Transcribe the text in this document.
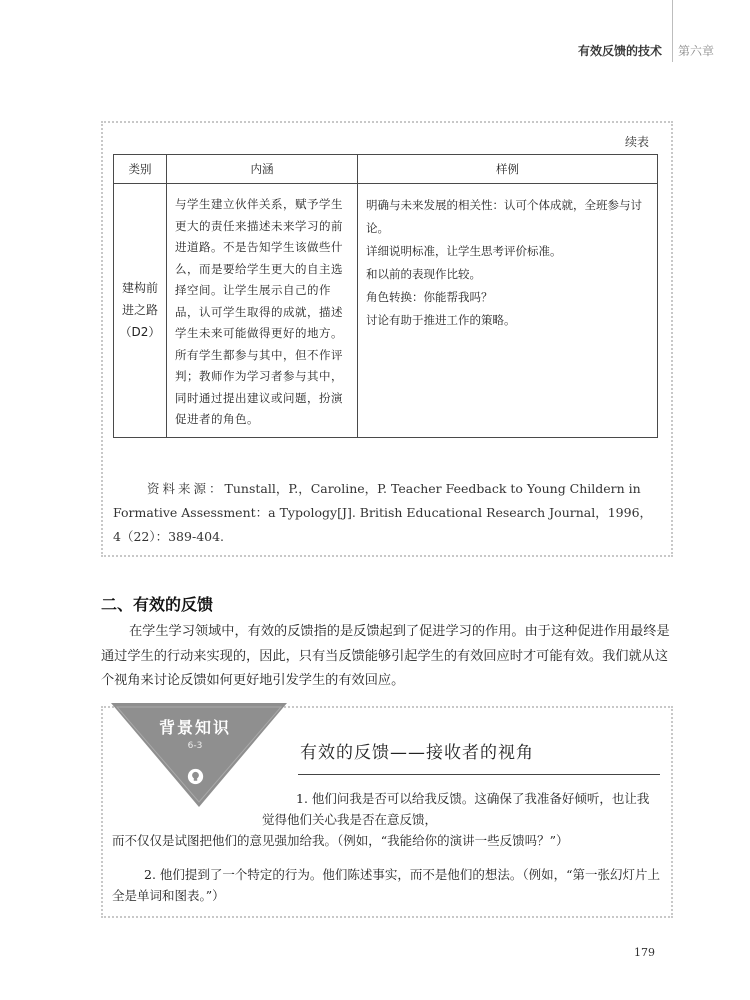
有效反馈的技术 第六章
续表
类别	内涵	样例

建构前
进之路
（D2）	与学生建立伙伴关系，赋予学生更大的责任来描述未来学习的前进道路。不是告知学生该做些什么，而是要给学生更大的自主选择空间。让学生展示自己的作品，认可学生取得的成就，描述学生未来可能做得更好的地方。所有学生都参与其中，但不作评判；教师作为学习者参与其中，同时通过提出建议或问题，扮演促进者的角色。	明确与未来发展的相关性：认可个体成就，全班参与讨论。
详细说明标准，让学生思考评价标准。
和以前的表现作比较。
角色转换：你能帮我吗？
讨论有助于推进工作的策略。
资料来源：Tunstall，P.，Caroline，P. Teacher Feedback to Young Childern in Formative Assessment：a Typology[J]. British Educational Research Journal，1996，4（22）：389-404.
二、有效的反馈
在学生学习领域中，有效的反馈指的是反馈起到了促进学习的作用。由于这种促进作用最终是通过学生的行动来实现的，因此，只有当反馈能够引起学生的有效回应时才可能有效。我们就从这个视角来讨论反馈如何更好地引发学生的有效回应。
背景知识
6-3	有效的反馈——接收者的视角
1. 他们问我是否可以给我反馈。这确保了我准备好倾听，也让我觉得他们关心我是否在意反馈，
而不仅仅是试图把他们的意见强加给我。（例如，“我能给你的演讲一些反馈吗？”）
2. 他们提到了一个特定的行为。他们陈述事实，而不是他们的想法。（例如，“第一张幻灯片上全是单词和图表。”）
179
